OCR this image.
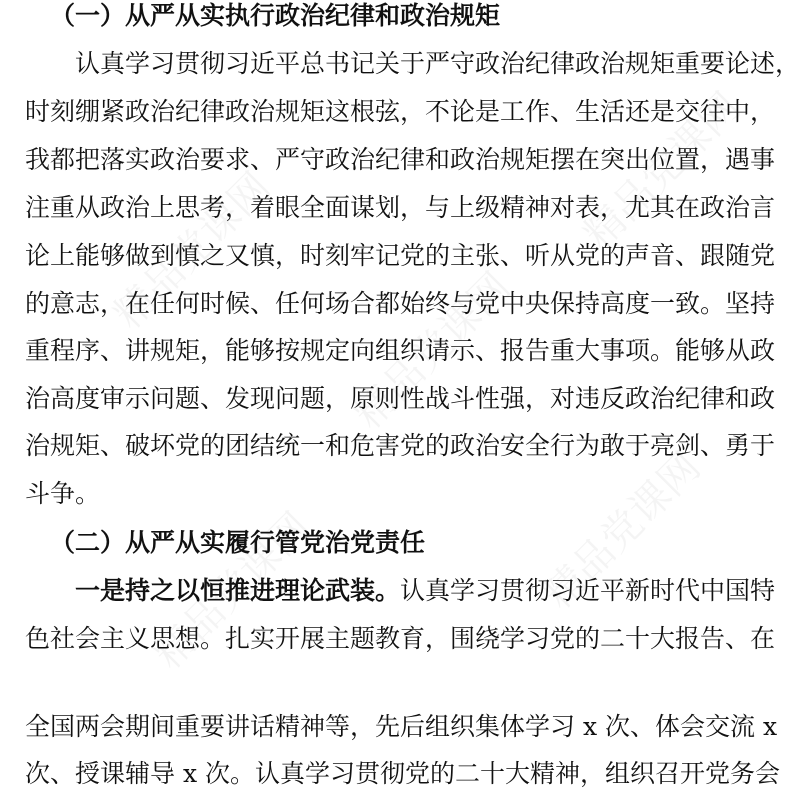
（一）从严从实执行政治纪律和政治规矩
认真学习贯彻习近平总书记关于严守政治纪律政治规矩重要论述，
时刻绷紧政治纪律政治规矩这根弦，不论是工作、生活还是交往中，
我都把落实政治要求、严守政治纪律和政治规矩摆在突出位置，遇事
注重从政治上思考，着眼全面谋划，与上级精神对表，尤其在政治言
论上能够做到慎之又慎，时刻牢记党的主张、听从党的声音、跟随党
的意志，在任何时候、任何场合都始终与党中央保持高度一致。坚持
重程序、讲规矩，能够按规定向组织请示、报告重大事项。能够从政
治高度审示问题、发现问题，原则性战斗性强，对违反政治纪律和政
治规矩、破坏党的团结统一和危害党的政治安全行为敢于亮剑、勇于
斗争。
（二）从严从实履行管党治党责任
一是持之以恒推进理论武装。认真学习贯彻习近平新时代中国特
色社会主义思想。扎实开展主题教育，围绕学习党的二十大报告、在
全国两会期间重要讲话精神等，先后组织集体学习 x 次、体会交流 x
次、授课辅导 x 次。认真学习贯彻党的二十大精神，组织召开党务会
